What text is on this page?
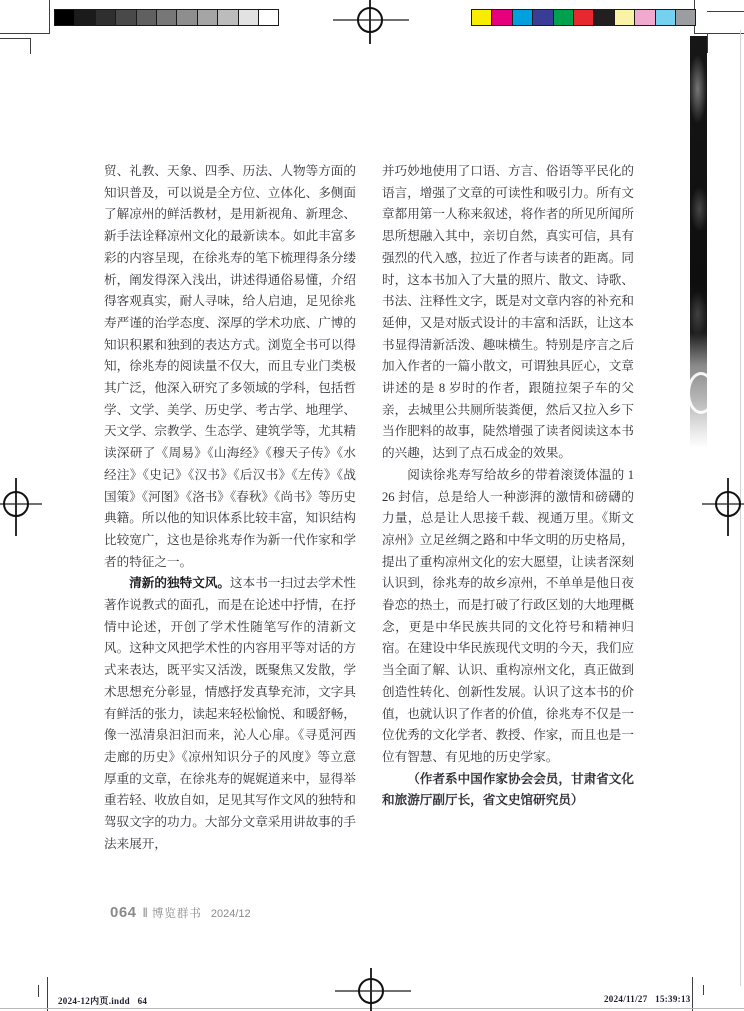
贸、礼教、天象、四季、历法、人物等方面的知识普及，可以说是全方位、立体化、多侧面了解凉州的鲜活教材，是用新视角、新理念、新手法诠释凉州文化的最新读本。如此丰富多彩的内容呈现，在徐兆寿的笔下梳理得条分缕析，阐发得深入浅出，讲述得通俗易懂，介绍得客观真实，耐人寻味，给人启迪，足见徐兆寿严谨的治学态度、深厚的学术功底、广博的知识积累和独到的表达方式。浏览全书可以得知，徐兆寿的阅读量不仅大，而且专业门类极其广泛，他深入研究了多领域的学科，包括哲学、文学、美学、历史学、考古学、地理学、天文学、宗教学、生态学、建筑学等，尤其精读深研了《周易》《山海经》《穆天子传》《水经注》《史记》《汉书》《后汉书》《左传》《战国策》《河图》《洛书》《春秋》《尚书》等历史典籍。所以他的知识体系比较丰富，知识结构比较宽广，这也是徐兆寿作为新一代作家和学者的特征之一。

清新的独特文风。这本书一扫过去学术性著作说教式的面孔，而是在论述中抒情，在抒情中论述，开创了学术性随笔写作的清新文风。这种文风把学术性的内容用平等对话的方式来表达，既平实又活泼，既聚焦又发散，学术思想充分彰显，情感抒发真挚充沛，文字具有鲜活的张力，读起来轻松愉悦、和暖舒畅，像一泓清泉汩汩而来，沁人心扉。《寻觅河西走廊的历史》《凉州知识分子的风度》等立意厚重的文章，在徐兆寿的娓娓道来中，显得举重若轻、收放自如，足见其写作文风的独特和驾驭文字的功力。大部分文章采用讲故事的手法来展开，

并巧妙地使用了口语、方言、俗语等平民化的语言，增强了文章的可读性和吸引力。所有文章都用第一人称来叙述，将作者的所见所闻所思所想融入其中，亲切自然，真实可信，具有强烈的代入感，拉近了作者与读者的距离。同时，这本书加入了大量的照片、散文、诗歌、书法、注释性文字，既是对文章内容的补充和延伸，又是对版式设计的丰富和活跃，让这本书显得清新活泼、趣味横生。特别是序言之后加入作者的一篇小散文，可谓独具匠心，文章讲述的是 8 岁时的作者，跟随拉架子车的父亲，去城里公共厕所装粪便，然后又拉入乡下当作肥料的故事，陡然增强了读者阅读这本书的兴趣，达到了点石成金的效果。

阅读徐兆寿写给故乡的带着滚烫体温的 126 封信，总是给人一种澎湃的激情和磅礴的力量，总是让人思接千载、视通万里。《斯文凉州》立足丝绸之路和中华文明的历史格局，提出了重构凉州文化的宏大愿望，让读者深刻认识到，徐兆寿的故乡凉州，不单单是他日夜眷恋的热土，而是打破了行政区划的大地理概念，更是中华民族共同的文化符号和精神归宿。在建设中华民族现代文明的今天，我们应当全面了解、认识、重构凉州文化，真正做到创造性转化、创新性发展。认识了这本书的价值，也就认识了作者的价值，徐兆寿不仅是一位优秀的文化学者、教授、作家，而且也是一位有智慧、有见地的历史学家。

（作者系中国作家协会会员，甘肃省文化和旅游厅副厅长，省文史馆研究员）

064 ‖ 博览群书 2024/12
2024-12内页.indd   64	2024/11/27   15:39:13
